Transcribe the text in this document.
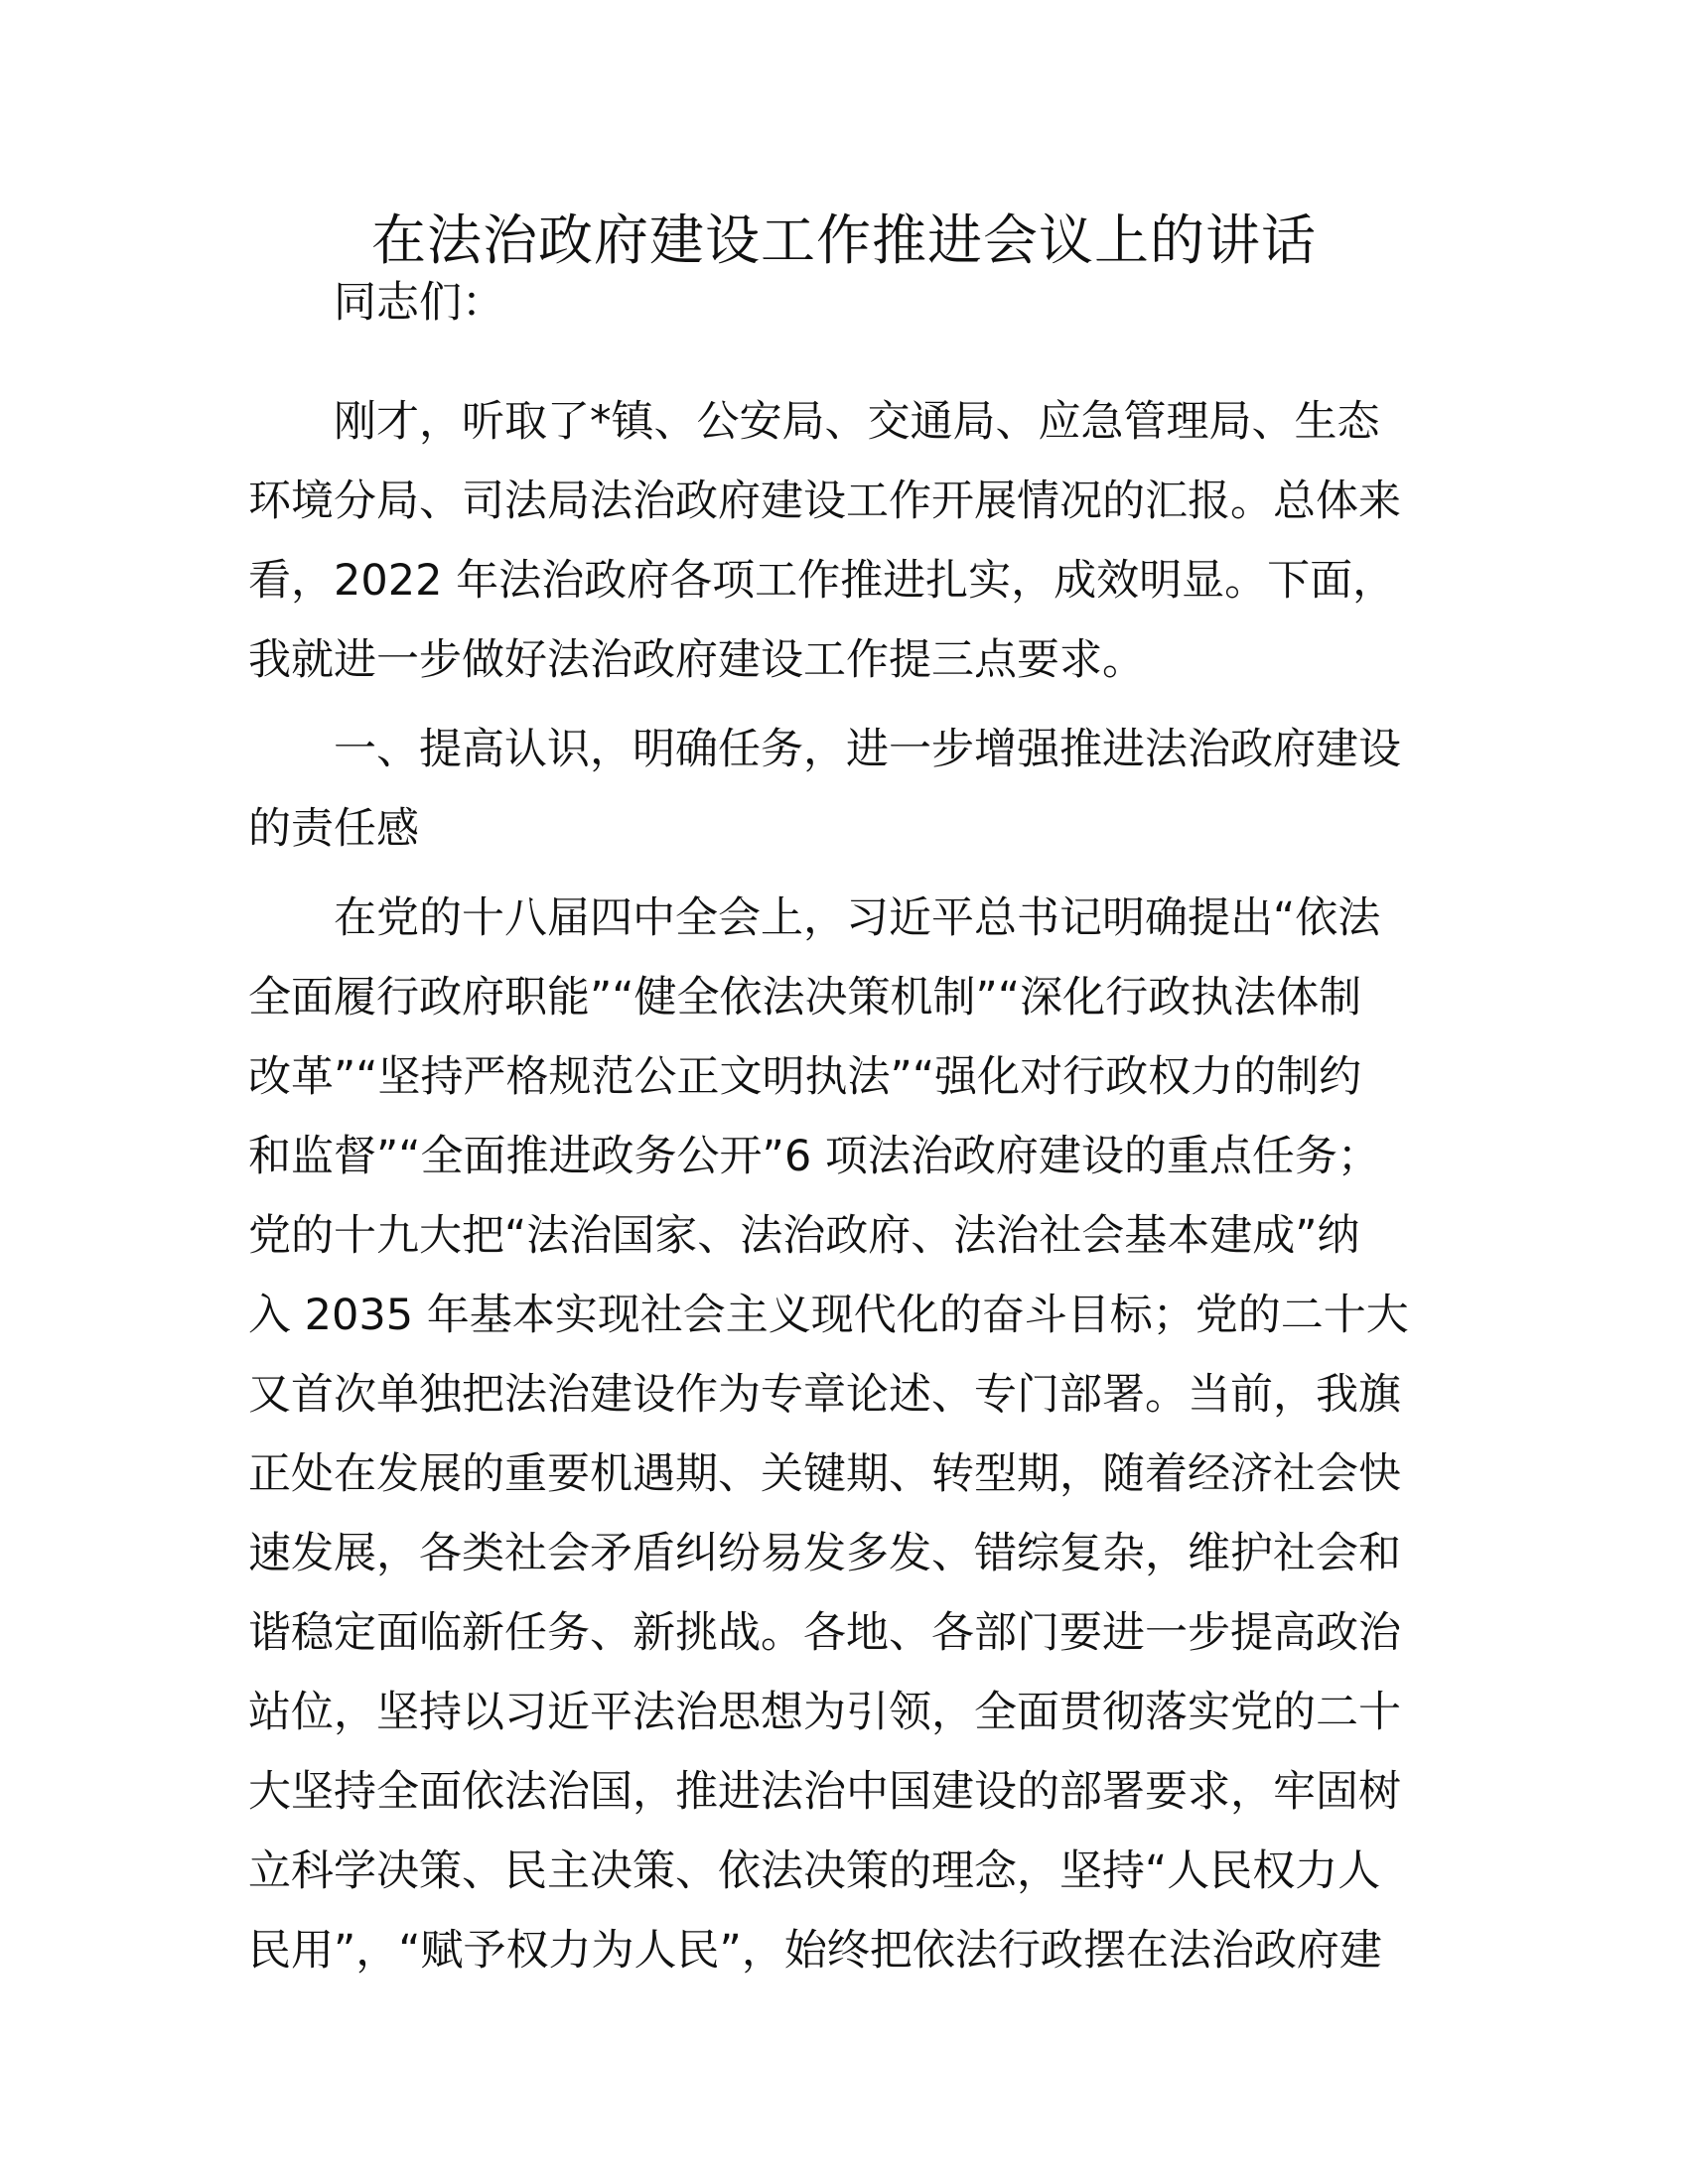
在法治政府建设工作推进会议上的讲话
同志们：
刚才，听取了*镇、公安局、交通局、应急管理局、生态
环境分局、司法局法治政府建设工作开展情况的汇报。总体来
看，2022 年法治政府各项工作推进扎实，成效明显。下面，
我就进一步做好法治政府建设工作提三点要求。
一、提高认识，明确任务，进一步增强推进法治政府建设
的责任感
在党的十八届四中全会上，习近平总书记明确提出“依法
全面履行政府职能”“健全依法决策机制”“深化行政执法体制
改革”“坚持严格规范公正文明执法”“强化对行政权力的制约
和监督”“全面推进政务公开”6 项法治政府建设的重点任务；
党的十九大把“法治国家、法治政府、法治社会基本建成”纳
入 2035 年基本实现社会主义现代化的奋斗目标；党的二十大
又首次单独把法治建设作为专章论述、专门部署。当前，我旗
正处在发展的重要机遇期、关键期、转型期，随着经济社会快
速发展，各类社会矛盾纠纷易发多发、错综复杂，维护社会和
谐稳定面临新任务、新挑战。各地、各部门要进一步提高政治
站位，坚持以习近平法治思想为引领，全面贯彻落实党的二十
大坚持全面依法治国，推进法治中国建设的部署要求，牢固树
立科学决策、民主决策、依法决策的理念，坚持“人民权力人
民用”，“赋予权力为人民”，始终把依法行政摆在法治政府建
